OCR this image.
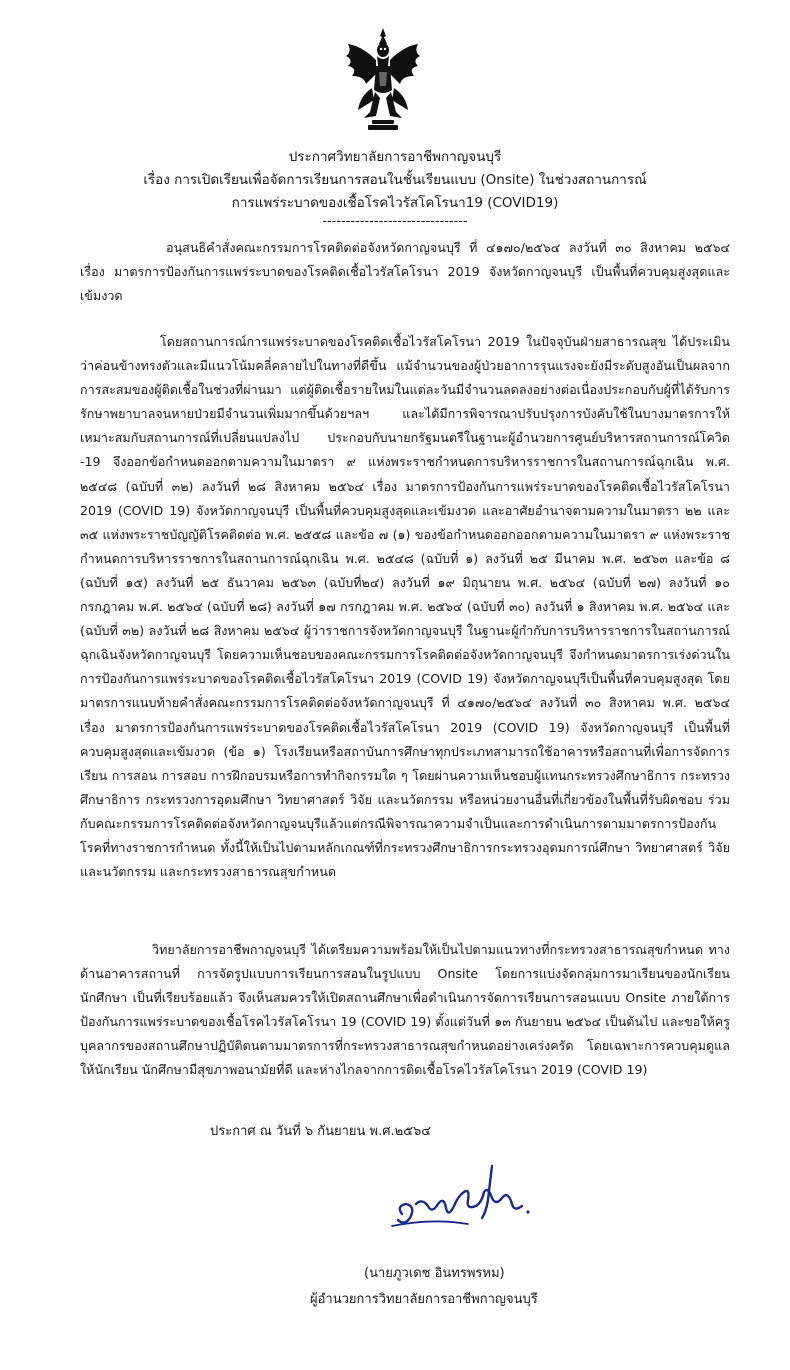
ประกาศวิทยาลัยการอาชีพกาญจนบุรี
เรื่อง การเปิดเรียนเพื่อจัดการเรียนการสอนในชั้นเรียนแบบ (Onsite) ในช่วงสถานการณ์
การแพร่ระบาดของเชื้อโรคไวรัสโคโรนา19 (COVID19)
-------------------------------
อนุสนธิคำสั่งคณะกรรมการโรคติดต่อจังหวัดกาญจนบุรี ที่ ๔๑๗๐/๒๕๖๔ ลงวันที่ ๓๐ สิงหาคม ๒๕๖๔ เรื่อง มาตรการป้องกันการแพร่ระบาดของโรคติดเชื้อไวรัสโคโรนา 2019 จังหวัดกาญจนบุรี เป็นพื้นที่ควบคุมสูงสุดและเข้มงวด
โดยสถานการณ์การแพร่ระบาดของโรคติดเชื้อไวรัสโคโรนา 2019 ในปัจจุบันฝ่ายสาธารณสุข ได้ประเมินว่าค่อนข้างทรงตัวและมีแนวโน้มคลี่คลายไปในทางที่ดีขึ้น แม้จำนวนของผู้ป่วยอาการรุนแรงจะยังมีระดับสูงอันเป็นผลจากการสะสมของผู้ติดเชื้อในช่วงที่ผ่านมา แต่ผู้ติดเชื้อรายใหม่ในแต่ละวันมีจำนวนลดลงอย่างต่อเนื่องประกอบกับผู้ที่ได้รับการรักษาพยาบาลจนหายป่วยมีจำนวนเพิ่มมากขึ้นด้วยฯลฯ และได้มีการพิจารณาปรับปรุงการบังคับใช้ในบางมาตรการให้เหมาะสมกับสถานการณ์ที่เปลี่ยนแปลงไป ประกอบกับนายกรัฐมนตรีในฐานะผู้อำนวยการศูนย์บริหารสถานการณ์โควิด -19 จึงออกข้อกำหนดออกตามความในมาตรา ๙ แห่งพระราชกำหนดการบริหารราชการในสถานการณ์ฉุกเฉิน พ.ศ. ๒๕๔๘ (ฉบับที่ ๓๒) ลงวันที่ ๒๘ สิงหาคม ๒๕๖๔ เรื่อง มาตรการป้องกันการแพร่ระบาดของโรคติดเชื้อไวรัสโคโรนา 2019 (COVID 19) จังหวัดกาญจนบุรี เป็นพื้นที่ควบคุมสูงสุดและเข้มงวด และอาศัยอำนาจตามความในมาตรา ๒๒ และ ๓๕ แห่งพระราชบัญญัติโรคติดต่อ พ.ศ. ๒๕๕๘ และข้อ ๗ (๑) ของข้อกำหนดออกออกตามความในมาตรา ๙ แห่งพระราชกำหนดการบริหารราชการในสถานการณ์ฉุกเฉิน พ.ศ. ๒๕๔๘ (ฉบับที่ ๑) ลงวันที่ ๒๕ มีนาคม พ.ศ. ๒๕๖๓ และข้อ ๘ (ฉบับที่ ๑๕) ลงวันที่ ๒๕ ธันวาคม ๒๕๖๓ (ฉบับที่๒๔) ลงวันที่ ๑๙ มิถุนายน พ.ศ. ๒๕๖๔ (ฉบับที่ ๒๗) ลงวันที่ ๑๐ กรกฎาคม พ.ศ. ๒๕๖๔ (ฉบับที่ ๒๘) ลงวันที่ ๑๗ กรกฎาคม พ.ศ. ๒๕๖๔ (ฉบับที่ ๓๐) ลงวันที่ ๑ สิงหาคม พ.ศ. ๒๕๖๔ และ (ฉบับที่ ๓๒) ลงวันที่ ๒๘ สิงหาคม ๒๕๖๔ ผู้ว่าราชการจังหวัดกาญจนบุรี ในฐานะผู้กำกับการบริหารราชการในสถานการณ์ฉุกเฉินจังหวัดกาญจนบุรี โดยความเห็นชอบของคณะกรรมการโรคติดต่อจังหวัดกาญจนบุรี จึงกำหนดมาตรการเร่งด่วนในการป้องกันการแพร่ระบาดของโรคติดเชื้อไวรัสโคโรนา 2019 (COVID 19) จังหวัดกาญจนบุรีเป็นพื้นที่ควบคุมสูงสุด โดยมาตรการแนบท้ายคำสั่งคณะกรรมการโรคติดต่อจังหวัดกาญจนบุรี ที่ ๔๑๗๐/๒๕๖๔ ลงวันที่ ๓๐ สิงหาคม พ.ศ. ๒๕๖๔ เรื่อง มาตรการป้องกันการแพร่ระบาดของโรคติดเชื้อไวรัสโคโรนา 2019 (COVID 19) จังหวัดกาญจนบุรี เป็นพื้นที่ควบคุมสูงสุดและเข้มงวด (ข้อ ๑) โรงเรียนหรือสถาบันการศึกษาทุกประเภทสามารถใช้อาคารหรือสถานที่เพื่อการจัดการเรียน การสอน การสอบ การฝึกอบรมหรือการทำกิจกรรมใด ๆ โดยผ่านความเห็นชอบผู้แทนกระทรวงศึกษาธิการ กระทรวงศึกษาธิการ กระทรวงการอุดมศึกษา วิทยาศาสตร์ วิจัย และนวัตกรรม หรือหน่วยงานอื่นที่เกี่ยวข้องในพื้นที่รับผิดชอบ ร่วมกับคณะกรรมการโรคติดต่อจังหวัดกาญจนบุรีแล้วแต่กรณีพิจารณาความจำเป็นและการดำเนินการตามมาตรการป้องกันโรคที่ทางราชการกำหนด ทั้งนี้ให้เป็นไปตามหลักเกณฑ์ที่กระทรวงศึกษาธิการกระทรวงอุดมการณ์ศึกษา วิทยาศาสตร์ วิจัย และนวัตกรรม และกระทรวงสาธารณสุขกำหนด
วิทยาลัยการอาชีพกาญจนบุรี ได้เตรียมความพร้อมให้เป็นไปตามแนวทางที่กระทรวงสาธารณสุขกำหนด ทางด้านอาคารสถานที่ การจัดรูปแบบการเรียนการสอนในรูปแบบ Onsite โดยการแบ่งจัดกลุ่มการมาเรียนของนักเรียน นักศึกษา เป็นที่เรียบร้อยแล้ว จึงเห็นสมควรให้เปิดสถานศึกษาเพื่อดำเนินการจัดการเรียนการสอนแบบ Onsite ภายใต้การป้องกันการแพร่ระบาดของเชื้อโรคไวรัสโคโรนา 19 (COVID 19) ตั้งแต่วันที่ ๑๓ กันยายน ๒๕๖๔ เป็นต้นไป และขอให้ครู บุคลากรของสถานศึกษาปฏิบัติตนตามมาตรการที่กระทรวงสาธารณสุขกำหนดอย่างเคร่งครัด โดยเฉพาะการควบคุมดูแลให้นักเรียน นักศึกษามีสุขภาพอนามัยที่ดี และห่างไกลจากการติดเชื้อโรคไวรัสโคโรนา 2019 (COVID 19)
ประกาศ ณ วันที่ ๖ กันยายน พ.ศ.๒๕๖๔
(นายภูวเดช อินทรพรหม)
ผู้อำนวยการวิทยาลัยการอาชีพกาญจนบุรี
